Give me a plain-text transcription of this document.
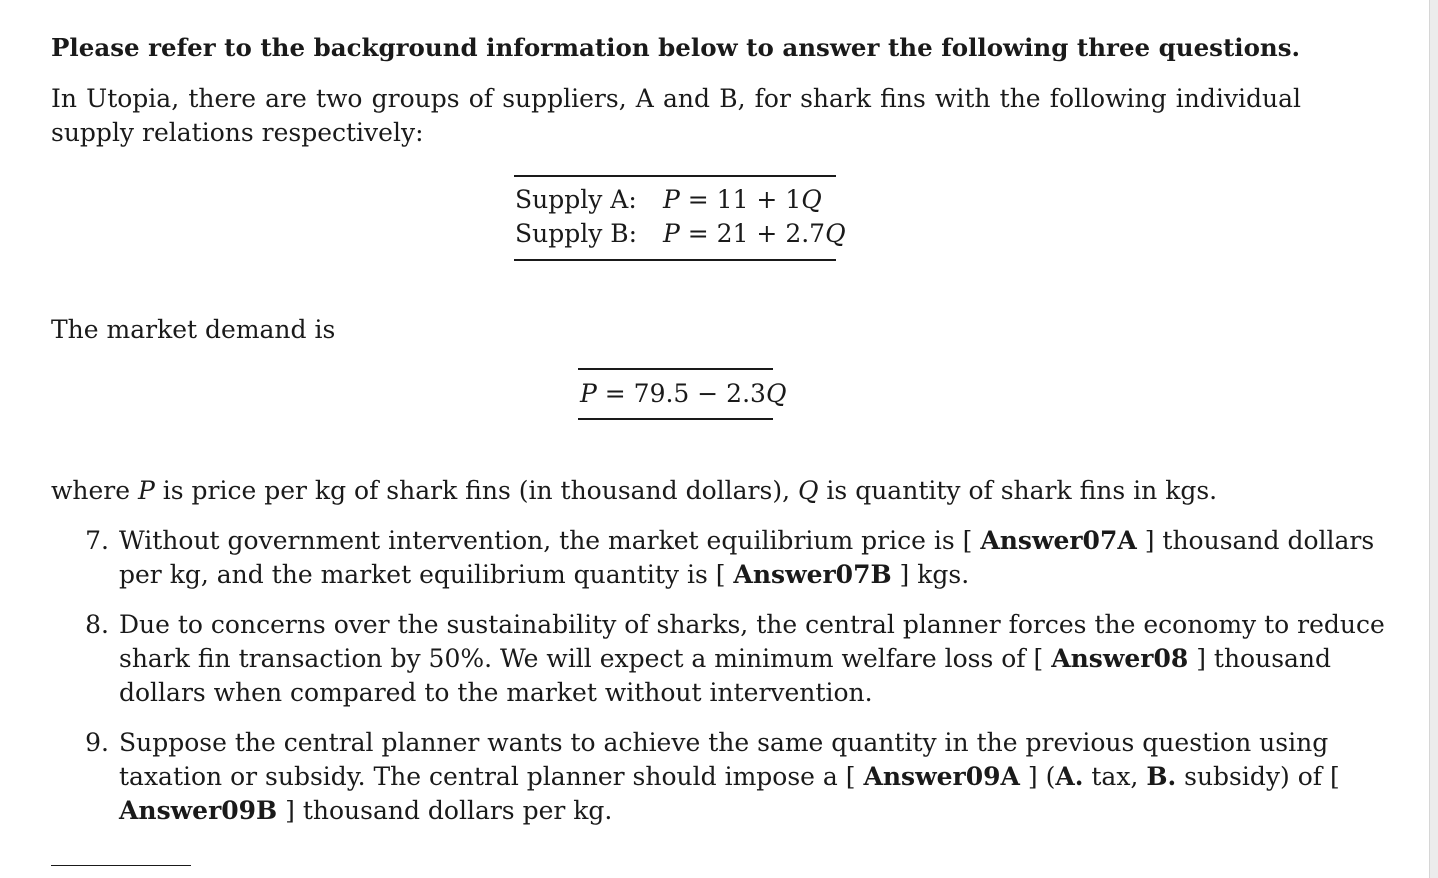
Please refer to the background information below to answer the following three questions.

In Utopia, there are two groups of suppliers, A and B, for shark fins with the following individual supply relations respectively:

Supply A: P = 11 + 1Q
Supply B: P = 21 + 2.7Q

The market demand is

P = 79.5 − 2.3Q

where P is price per kg of shark fins (in thousand dollars), Q is quantity of shark fins in kgs.

7. Without government intervention, the market equilibrium price is [ Answer07A ] thousand dollars
per kg, and the market equilibrium quantity is [ Answer07B ] kgs.
8. Due to concerns over the sustainability of sharks, the central planner forces the economy to reduce
shark fin transaction by 50%. We will expect a minimum welfare loss of [ Answer08 ] thousand
dollars when compared to the market without intervention.
9. Suppose the central planner wants to achieve the same quantity in the previous question using
taxation or subsidy. The central planner should impose a [ Answer09A ] (A. tax, B. subsidy) of [
Answer09B ] thousand dollars per kg.
